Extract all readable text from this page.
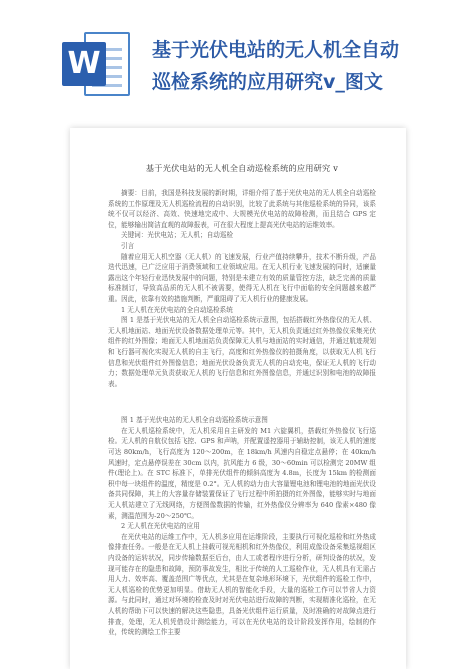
W	基于光伏电站的无人机全自动
巡检系统的应用研究v_图文
基于光伏电站的无人机全自动巡检系统的应用研究 v

摘要：目前，我国是科技发展的新时期，详细介绍了基于光伏电站的无人机全自动巡检系统的工作原理及无人机巡检流程的自动识别，比较了此系统与其他巡检系统的异同，该系统不仅可以经济、高效、快速地完成中、大规模光伏电站的故障检测，而且结合 GPS 定位，能够输出简洁直观的故障报表，可在很大程度上提高光伏电站的运维效率。

关键词：光伏电站；无人机；自动巡检

引言

随着应用无人机空器（无人机）的飞速发展，行业产值持续攀升，技术不断升级，产品迭代迅速，已广泛应用于消费领域和工业领域应用。在无人机行业飞速发展的同时，适廉量露出这个年轻行业迅快发展中的问题，特别是未建立有效的质量管控方法，缺乏完善的质量标准制订，导致高品质的无人机不被需要，使得无人机在飞行中面临的安全问题越来越严重。因此，依靠有效的措施判断，严重阻碍了无人机行业的健康发展。

1 无人机在光伏电站的全自动巡检系统

图 1 是基于光伏电站的无人机全自动巡检系统示意图，包括搭载红外热像仪的无人机、无人机地面站、地面光伏设备数据处理单元等。其中，无人机负责通过红外热像仪采集光伏组件的红外图像；地面无人机地面站负责保障无人机与地面站的实时通信，并通过航迹规划和飞行器可视化实现无人机的自主飞行，高度和红外热像仪的拍摄角度，以获取无人机飞行信息和光伏组件红外图像信息；地面光伏设备负责无人机的自动充电，保证无人机的飞行动力；数据处理单元负责获取无人机的飞行信息和红外图像信息，并通过识别和电池的故障报表。

图 1 基于光伏电站的无人机全自动巡检系统示意图

在无人机巡检系统中，无人机采用自主研发的 M1 六旋翼机，搭载红外热像仪飞行巡检。无人机的自航仪包括飞控、GPS 和声呐，并配置遥控器用于辅助控制，该无人机的速度可达 80km/h，飞行高度为 120～200m，在 18km/h 风速内自稳定点悬停；在 40km/h 风速时，定点悬停误差在 30cm 以内，抗风能力 6 级，30～60min 可以检测完 20MW 组件(理论上)。在 STC 标准下，单排光伏组件的倾斜高度为 4.8m，长度为 15km 的检测面积中每一块组件的温度，精度是 0.2°。无人机的动力由大容量锂电池和锂电池的地面光伏设备共同保障，其上的大容量存储装置保证了飞行过程中所拍摄的红外图像，能够实时与地面无人机站建立了无线网络，方便图像数据的传输，红外热像仪分辨率为 640 像素×480 像素，测温范围为-20～250℃。

2 无人机在光伏电站的应用

在光伏电站的运维工作中，无人机多应用在运维阶段，主要执行可视化巡检和红外热成像排查任务。一般是在无人机上挂载可视光相机和红外热像仪，利用成像设备采集巡视组区内设备的运转状况，同步传输数据至后台，由人工或者程序进行分析，研判设备的状况，发现可能存在的隐患和故障，预防事故发生，相比于传统的人工巡检作业，无人机具有无需占用人力、效率高、覆盖范围广等优点，尤其是在复杂地形环境下，光伏组件的巡检工作中，无人机巡检的优势更加明显。借助无人机的智能化手段，大量的巡检工作可以节省人力资源。与此同时，通过对环境的检查及时对光伏电站进行故障的判断，实现精准化巡检，在无人机的帮助下可以快速的解决这些隐患，具备光伏组件运行质量，及时准确的对故障点进行排查，处理，无人机凭借设计测绘能力，可以在光伏电站的设计阶段发挥作用，绘制的作业，传统的测绘工作主要
